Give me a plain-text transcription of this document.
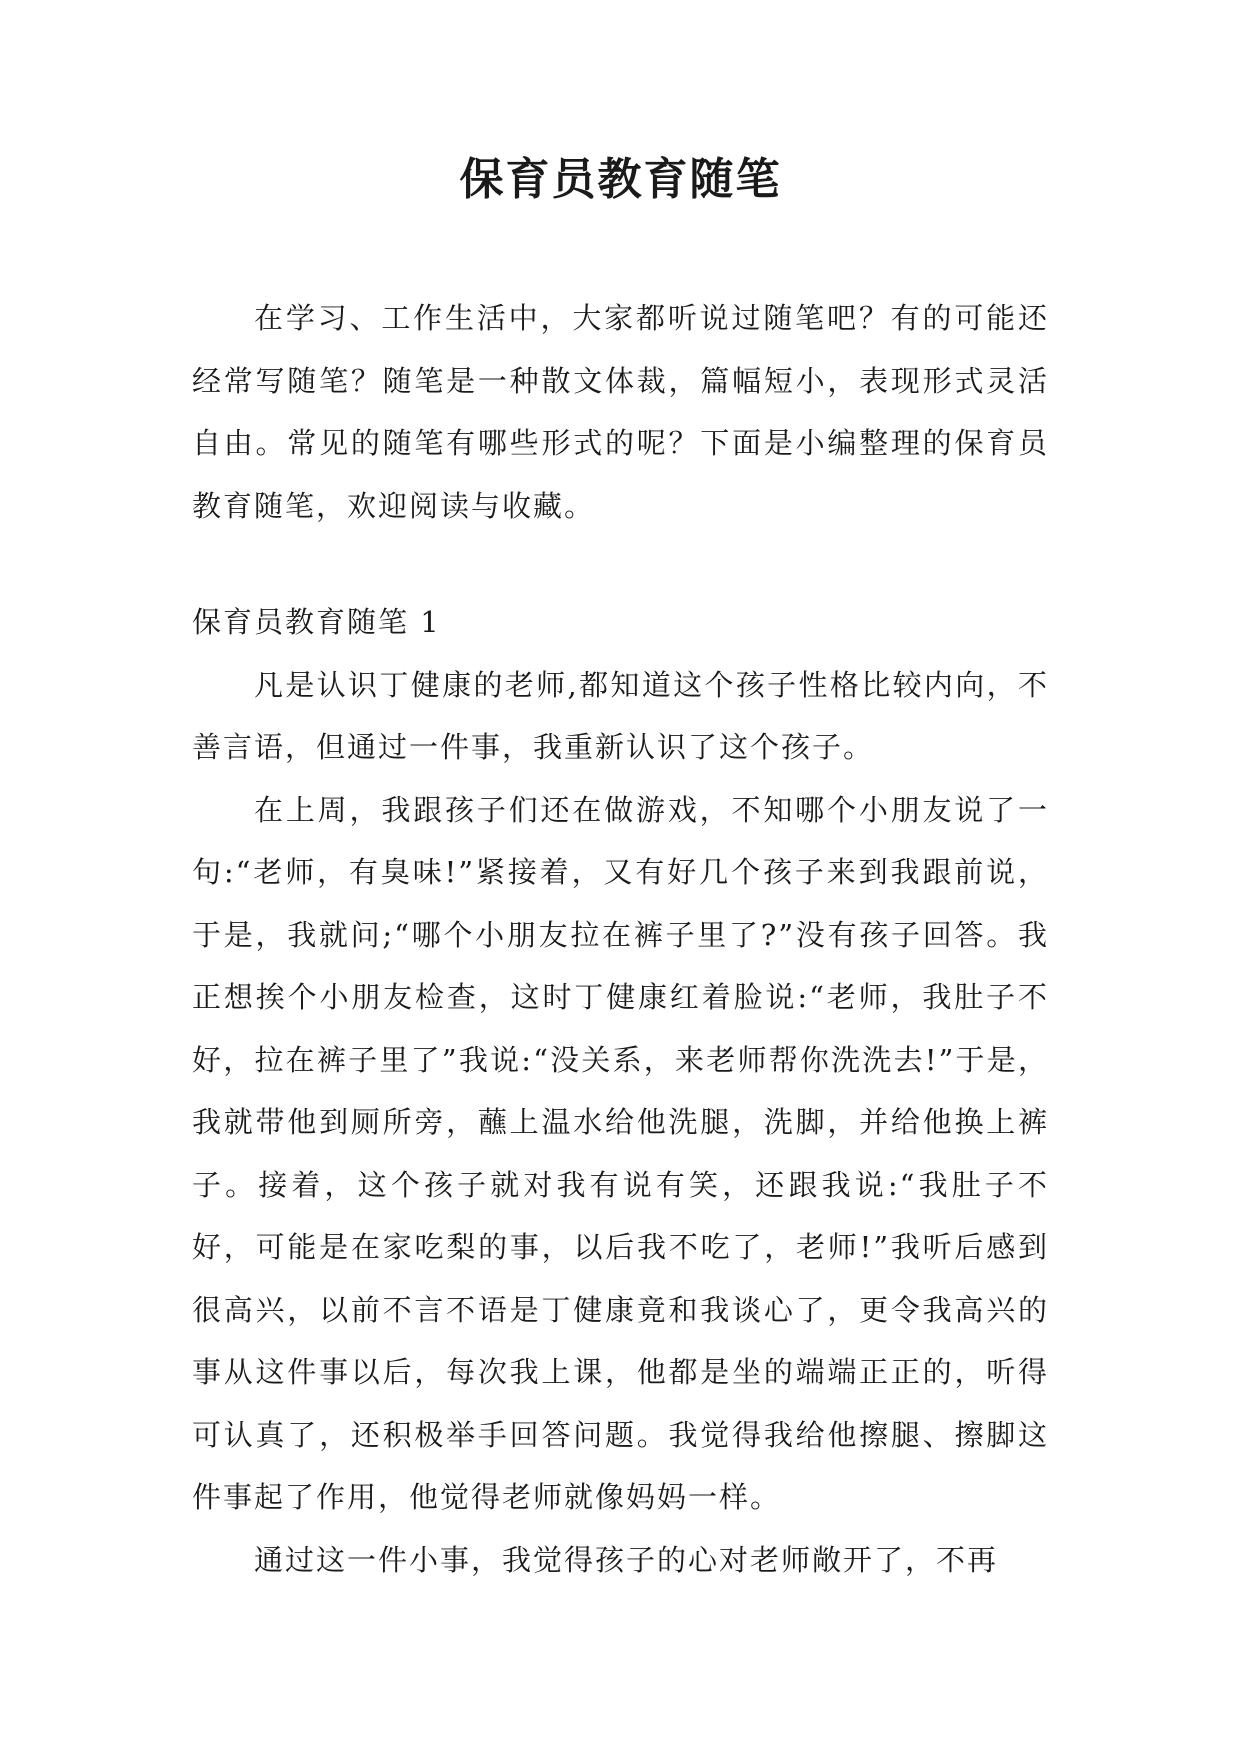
保育员教育随笔

在学习、工作生活中，大家都听说过随笔吧？有的可能还经常写随笔？随笔是一种散文体裁，篇幅短小，表现形式灵活自由。常见的随笔有哪些形式的呢？下面是小编整理的保育员教育随笔，欢迎阅读与收藏。

保育员教育随笔 1

凡是认识丁健康的老师,都知道这个孩子性格比较内向，不善言语，但通过一件事，我重新认识了这个孩子。

在上周，我跟孩子们还在做游戏，不知哪个小朋友说了一句:“老师，有臭味!”紧接着，又有好几个孩子来到我跟前说，于是，我就问;“哪个小朋友拉在裤子里了?”没有孩子回答。我正想挨个小朋友检查，这时丁健康红着脸说:“老师，我肚子不好，拉在裤子里了”我说:“没关系，来老师帮你洗洗去!”于是，我就带他到厕所旁，蘸上温水给他洗腿，洗脚，并给他换上裤子。接着，这个孩子就对我有说有笑，还跟我说:“我肚子不好，可能是在家吃梨的事，以后我不吃了，老师!”我听后感到很高兴，以前不言不语是丁健康竟和我谈心了，更令我高兴的事从这件事以后，每次我上课，他都是坐的端端正正的，听得可认真了，还积极举手回答问题。我觉得我给他擦腿、擦脚这件事起了作用，他觉得老师就像妈妈一样。

通过这一件小事，我觉得孩子的心对老师敞开了，不再
